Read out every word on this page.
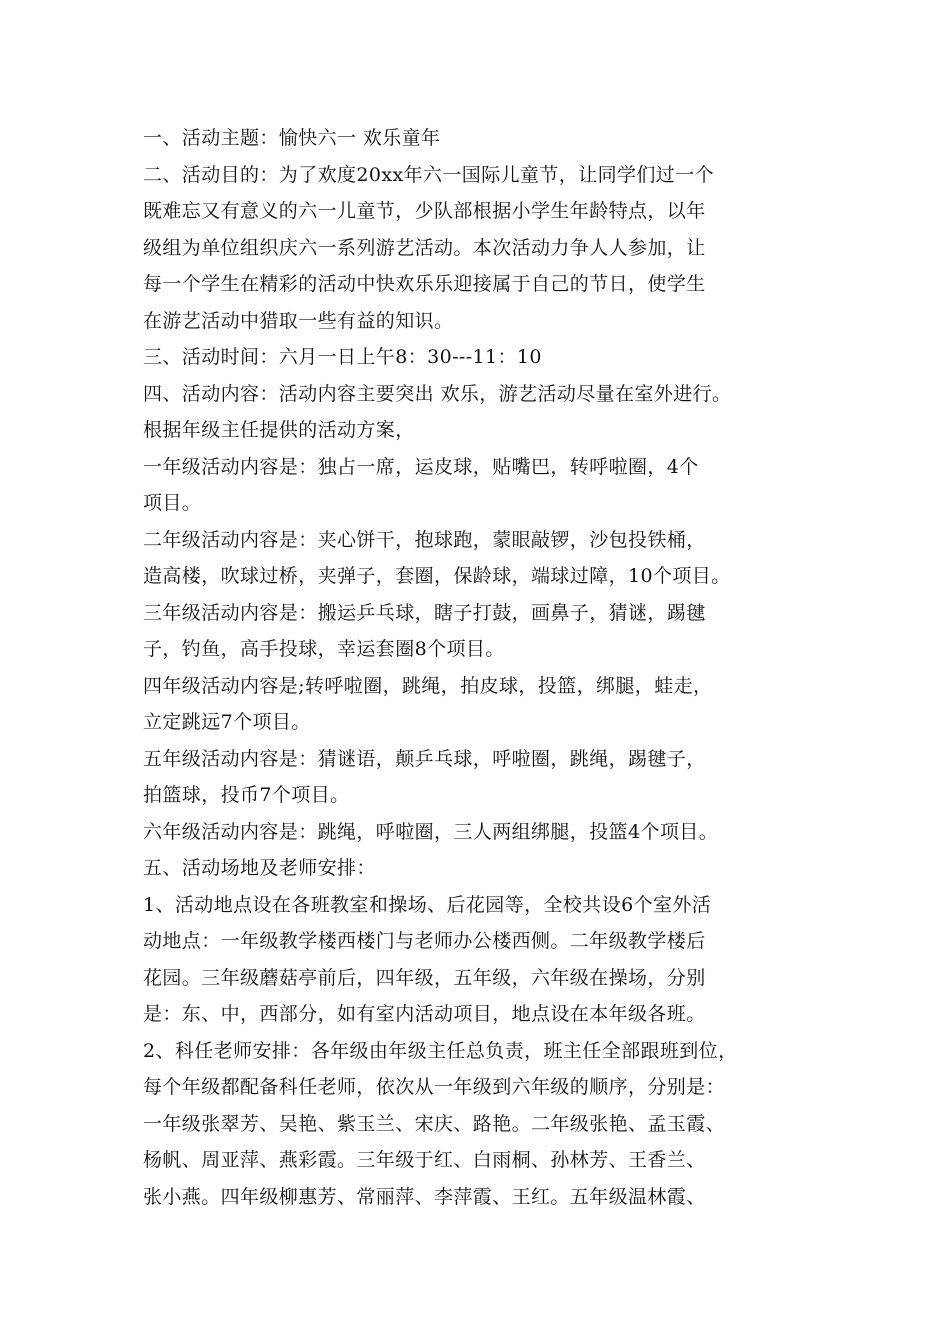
一、活动主题：愉快六一 欢乐童年
二、活动目的：为了欢度20xx年六一国际儿童节，让同学们过一个
既难忘又有意义的六一儿童节，少队部根据小学生年龄特点，以年
级组为单位组织庆六一系列游艺活动。本次活动力争人人参加，让
每一个学生在精彩的活动中快欢乐乐迎接属于自己的节日，使学生
在游艺活动中猎取一些有益的知识。
三、活动时间：六月一日上午8：30---11：10
四、活动内容：活动内容主要突出 欢乐，游艺活动尽量在室外进行。
根据年级主任提供的活动方案，
一年级活动内容是：独占一席，运皮球，贴嘴巴，转呼啦圈，4个
项目。
二年级活动内容是：夹心饼干，抱球跑，蒙眼敲锣，沙包投铁桶，
造高楼，吹球过桥，夹弹子，套圈，保龄球，端球过障，10个项目。
三年级活动内容是：搬运乒乓球，瞎子打鼓，画鼻子，猜谜，踢毽
子，钓鱼，高手投球，幸运套圈8个项目。
四年级活动内容是;转呼啦圈，跳绳，拍皮球，投篮，绑腿，蛙走，
立定跳远7个项目。
五年级活动内容是：猜谜语，颠乒乓球，呼啦圈，跳绳，踢毽子，
拍篮球，投币7个项目。
六年级活动内容是：跳绳，呼啦圈，三人两组绑腿，投篮4个项目。
五、活动场地及老师安排：
1、活动地点设在各班教室和操场、后花园等，全校共设6个室外活
动地点：一年级教学楼西楼门与老师办公楼西侧。二年级教学楼后
花园。三年级蘑菇亭前后，四年级，五年级，六年级在操场，分别
是：东、中，西部分，如有室内活动项目，地点设在本年级各班。
2、科任老师安排：各年级由年级主任总负责，班主任全部跟班到位，
每个年级都配备科任老师，依次从一年级到六年级的顺序，分别是：
一年级张翠芳、吴艳、紫玉兰、宋庆、路艳。二年级张艳、孟玉霞、
杨帆、周亚萍、燕彩霞。三年级于红、白雨桐、孙林芳、王香兰、
张小燕。四年级柳惠芳、常丽萍、李萍霞、王红。五年级温林霞、
